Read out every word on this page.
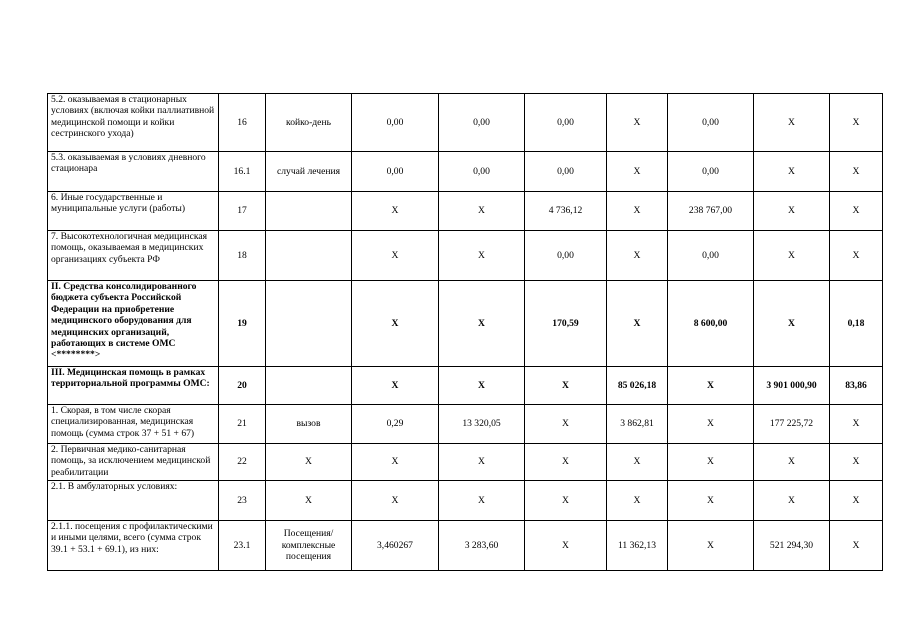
5.2. оказываемая в стационарных условиях (включая койки паллиативной медицинской помощи и койки сестринского ухода)	16	койко-день	0,00	0,00	0,00	X	0,00	X	X
5.3. оказываемая в условиях дневного стационара	16.1	случай лечения	0,00	0,00	0,00	X	0,00	X	X
6. Иные государственные и муниципальные услуги (работы)	17		X	X	4 736,12	X	238 767,00	X	X
7. Высокотехнологичная медицинская помощь, оказываемая в медицинских организациях субъекта РФ	18		X	X	0,00	X	0,00	X	X
II. Средства консолидированного бюджета субъекта Российской Федерации на приобретение медицинского оборудования для медицинских организаций, работающих в системе ОМС <********>	19		X	X	170,59	X	8 600,00	X	0,18
III. Медицинская помощь в рамках территориальной программы ОМС:	20		X	X	X	85 026,18	X	3 901 000,90	83,86
1. Скорая, в том числе скорая специализированная, медицинская помощь (сумма строк 37 + 51 + 67)	21	вызов	0,29	13 320,05	X	3 862,81	X	177 225,72	X
2. Первичная медико-санитарная помощь, за исключением медицинской реабилитации	22	X	X	X	X	X	X	X	X
2.1. В амбулаторных условиях:	23	X	X	X	X	X	X	X	X
2.1.1. посещения с профилактическими и иными целями, всего (сумма строк 39.1 + 53.1 + 69.1), из них:	23.1	Посещения/ комплексные посещения	3,460267	3 283,60	X	11 362,13	X	521 294,30	X
